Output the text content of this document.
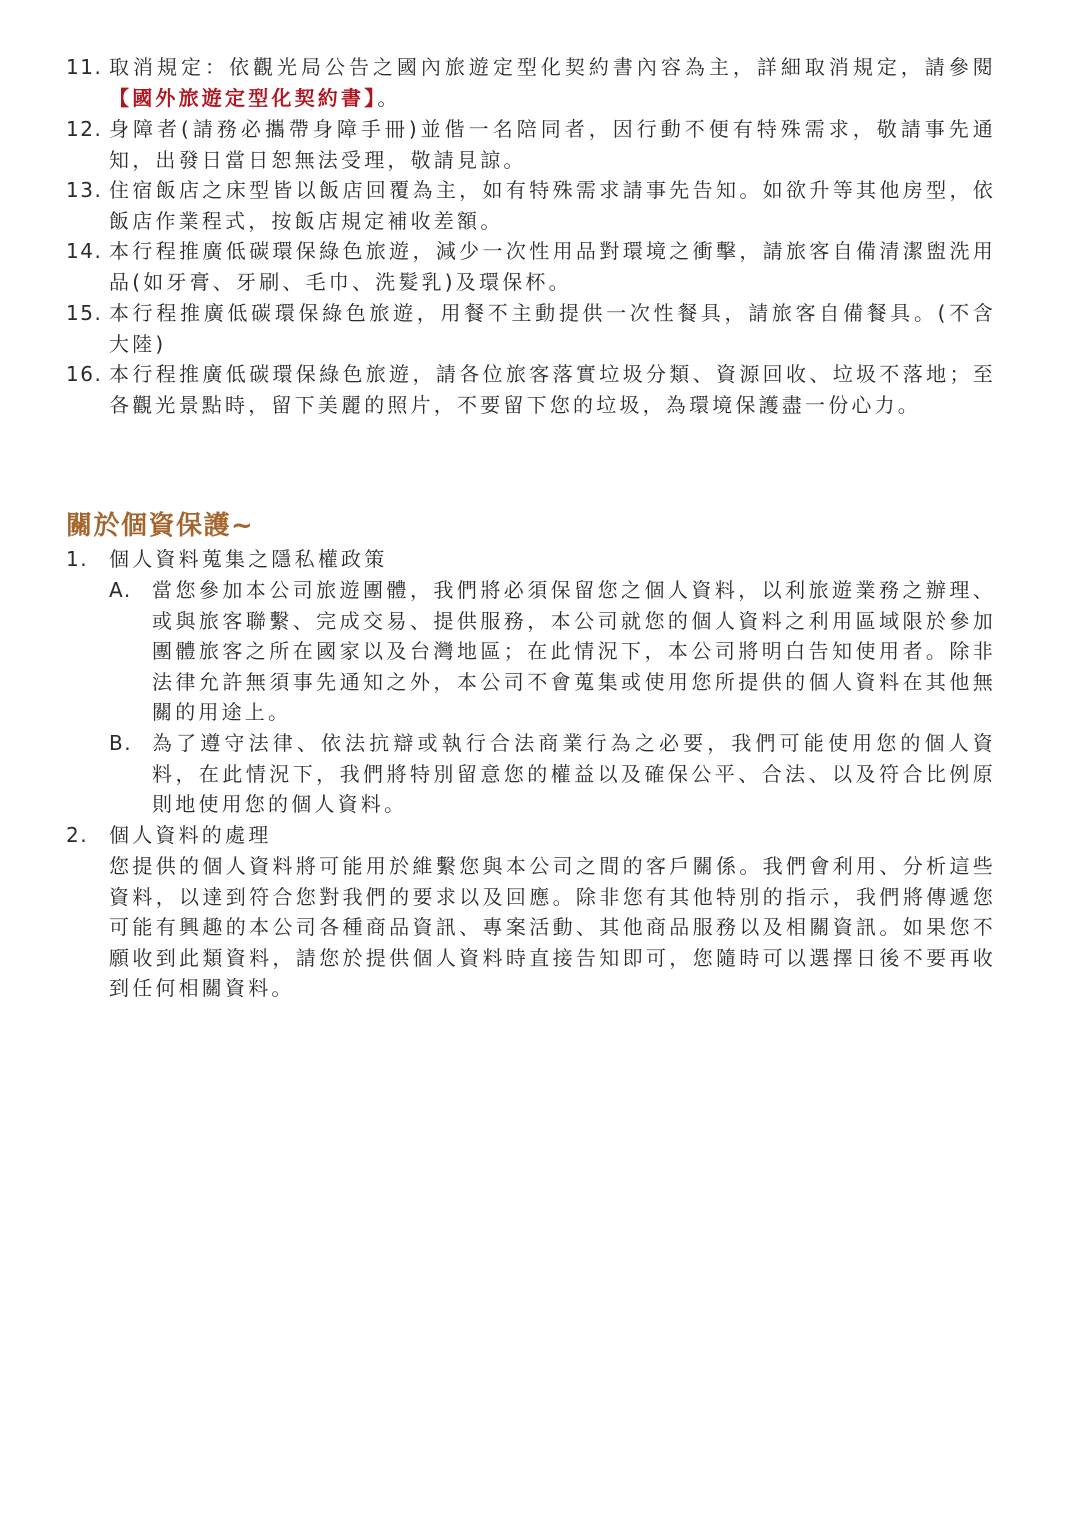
11. 取消規定：依觀光局公告之國內旅遊定型化契約書內容為主，詳細取消規定，請參閱【國外旅遊定型化契約書】。
12. 身障者(請務必攜帶身障手冊)並偕一名陪同者，因行動不便有特殊需求，敬請事先通知，出發日當日恕無法受理，敬請見諒。
13. 住宿飯店之床型皆以飯店回覆為主，如有特殊需求請事先告知。如欲升等其他房型，依飯店作業程式，按飯店規定補收差額。
14. 本行程推廣低碳環保綠色旅遊，減少一次性用品對環境之衝擊，請旅客自備清潔盥洗用品(如牙膏、牙刷、毛巾、洗髮乳)及環保杯。
15. 本行程推廣低碳環保綠色旅遊，用餐不主動提供一次性餐具，請旅客自備餐具。(不含大陸)
16. 本行程推廣低碳環保綠色旅遊，請各位旅客落實垃圾分類、資源回收、垃圾不落地；至各觀光景點時，留下美麗的照片，不要留下您的垃圾，為環境保護盡一份心力。
關於個資保護~
1. 個人資料蒐集之隱私權政策
A. 當您參加本公司旅遊團體，我們將必須保留您之個人資料，以利旅遊業務之辦理、或與旅客聯繫、完成交易、提供服務，本公司就您的個人資料之利用區域限於參加團體旅客之所在國家以及台灣地區；在此情況下，本公司將明白告知使用者。除非法律允許無須事先通知之外，本公司不會蒐集或使用您所提供的個人資料在其他無關的用途上。
B. 為了遵守法律、依法抗辯或執行合法商業行為之必要，我們可能使用您的個人資料，在此情況下，我們將特別留意您的權益以及確保公平、合法、以及符合比例原則地使用您的個人資料。
2. 個人資料的處理
您提供的個人資料將可能用於維繫您與本公司之間的客戶關係。我們會利用、分析這些資料，以達到符合您對我們的要求以及回應。除非您有其他特別的指示，我們將傳遞您可能有興趣的本公司各種商品資訊、專案活動、其他商品服務以及相關資訊。如果您不願收到此類資料，請您於提供個人資料時直接告知即可，您隨時可以選擇日後不要再收到任何相關資料。
